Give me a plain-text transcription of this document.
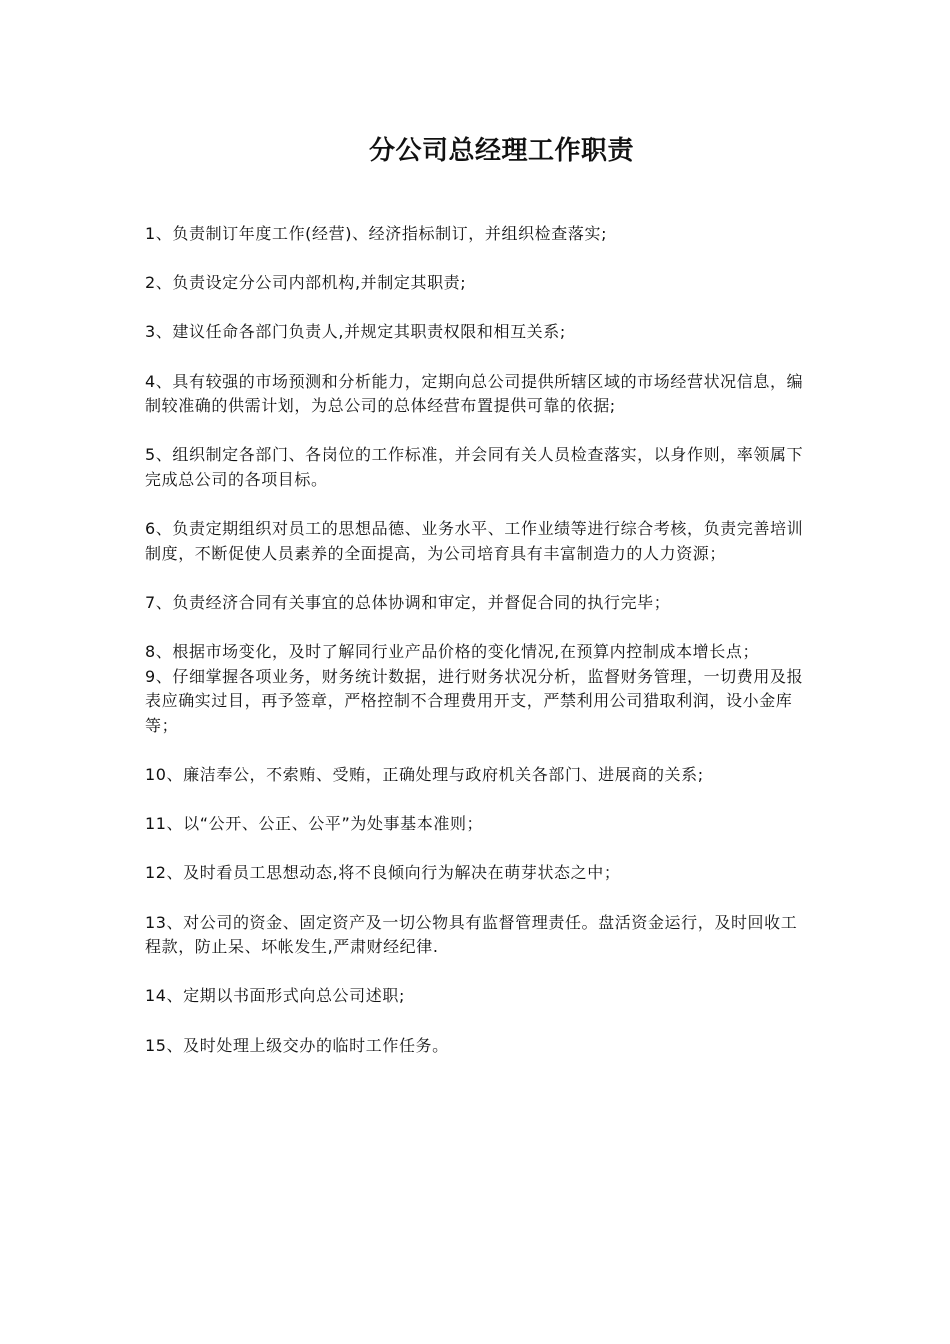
分公司总经理工作职责

1、负责制订年度工作(经营)、经济指标制订，并组织检查落实;

2、负责设定分公司内部机构,并制定其职责;

3、建议任命各部门负责人,并规定其职责权限和相互关系;

4、具有较强的市场预测和分析能力，定期向总公司提供所辖区域的市场经营状况信息，编制较准确的供需计划，为总公司的总体经营布置提供可靠的依据;

5、组织制定各部门、各岗位的工作标准，并会同有关人员检查落实，以身作则，率领属下完成总公司的各项目标。

6、负责定期组织对员工的思想品德、业务水平、工作业绩等进行综合考核，负责完善培训制度，不断促使人员素养的全面提高，为公司培育具有丰富制造力的人力资源；

7、负责经济合同有关事宜的总体协调和审定，并督促合同的执行完毕；

8、根据市场变化，及时了解同行业产品价格的变化情况,在预算内控制成本增长点；

9、仔细掌握各项业务，财务统计数据，进行财务状况分析，监督财务管理，一切费用及报表应确实过目，再予签章，严格控制不合理费用开支，严禁利用公司猎取利润，设小金库等；

10、廉洁奉公，不索贿、受贿，正确处理与政府机关各部门、进展商的关系;

11、以“公开、公正、公平”为处事基本准则；

12、及时看员工思想动态,将不良倾向行为解决在萌芽状态之中；

13、对公司的资金、固定资产及一切公物具有监督管理责任。盘活资金运行，及时回收工程款，防止呆、坏帐发生,严肃财经纪律.

14、定期以书面形式向总公司述职;

15、及时处理上级交办的临时工作任务。
